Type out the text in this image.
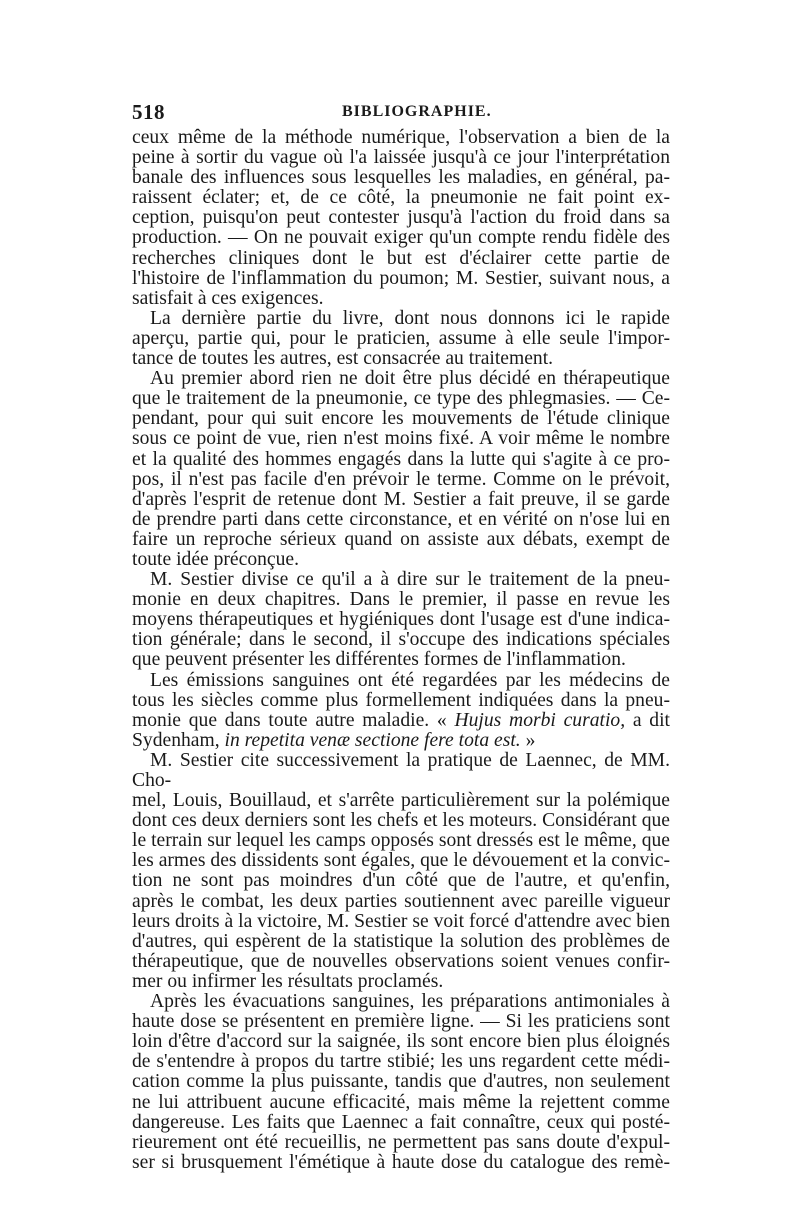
518	BIBLIOGRAPHIE.

ceux même de la méthode numérique, l'observation a bien de la

peine à sortir du vague où l'a laissée jusqu'à ce jour l'interprétation

banale des influences sous lesquelles les maladies, en général, pa-

raissent éclater; et, de ce côté, la pneumonie ne fait point ex-

ception, puisqu'on peut contester jusqu'à l'action du froid dans sa

production. — On ne pouvait exiger qu'un compte rendu fidèle des

recherches cliniques dont le but est d'éclairer cette partie de

l'histoire de l'inflammation du poumon; M. Sestier, suivant nous, a

satisfait à ces exigences.

La dernière partie du livre, dont nous donnons ici le rapide

aperçu, partie qui, pour le praticien, assume à elle seule l'impor-

tance de toutes les autres, est consacrée au traitement.

Au premier abord rien ne doit être plus décidé en thérapeutique

que le traitement de la pneumonie, ce type des phlegmasies. — Ce-

pendant, pour qui suit encore les mouvements de l'étude clinique

sous ce point de vue, rien n'est moins fixé. A voir même le nombre

et la qualité des hommes engagés dans la lutte qui s'agite à ce pro-

pos, il n'est pas facile d'en prévoir le terme. Comme on le prévoit,

d'après l'esprit de retenue dont M. Sestier a fait preuve, il se garde

de prendre parti dans cette circonstance, et en vérité on n'ose lui en

faire un reproche sérieux quand on assiste aux débats, exempt de

toute idée préconçue.

M. Sestier divise ce qu'il a à dire sur le traitement de la pneu-

monie en deux chapitres. Dans le premier, il passe en revue les

moyens thérapeutiques et hygiéniques dont l'usage est d'une indica-

tion générale; dans le second, il s'occupe des indications spéciales

que peuvent présenter les différentes formes de l'inflammation.

Les émissions sanguines ont été regardées par les médecins de

tous les siècles comme plus formellement indiquées dans la pneu-

monie que dans toute autre maladie. « Hujus morbi curatio, a dit

Sydenham, in repetita venæ sectione fere tota est. »

M. Sestier cite successivement la pratique de Laennec, de MM. Cho-

mel, Louis, Bouillaud, et s'arrête particulièrement sur la polémique

dont ces deux derniers sont les chefs et les moteurs. Considérant que

le terrain sur lequel les camps opposés sont dressés est le même, que

les armes des dissidents sont égales, que le dévouement et la convic-

tion ne sont pas moindres d'un côté que de l'autre, et qu'enfin,

après le combat, les deux parties soutiennent avec pareille vigueur

leurs droits à la victoire, M. Sestier se voit forcé d'attendre avec bien

d'autres, qui espèrent de la statistique la solution des problèmes de

thérapeutique, que de nouvelles observations soient venues confir-

mer ou infirmer les résultats proclamés.

Après les évacuations sanguines, les préparations antimoniales à

haute dose se présentent en première ligne. — Si les praticiens sont

loin d'être d'accord sur la saignée, ils sont encore bien plus éloignés

de s'entendre à propos du tartre stibié; les uns regardent cette médi-

cation comme la plus puissante, tandis que d'autres, non seulement

ne lui attribuent aucune efficacité, mais même la rejettent comme

dangereuse. Les faits que Laennec a fait connaître, ceux qui posté-

rieurement ont été recueillis, ne permettent pas sans doute d'expul-

ser si brusquement l'émétique à haute dose du catalogue des remè-
